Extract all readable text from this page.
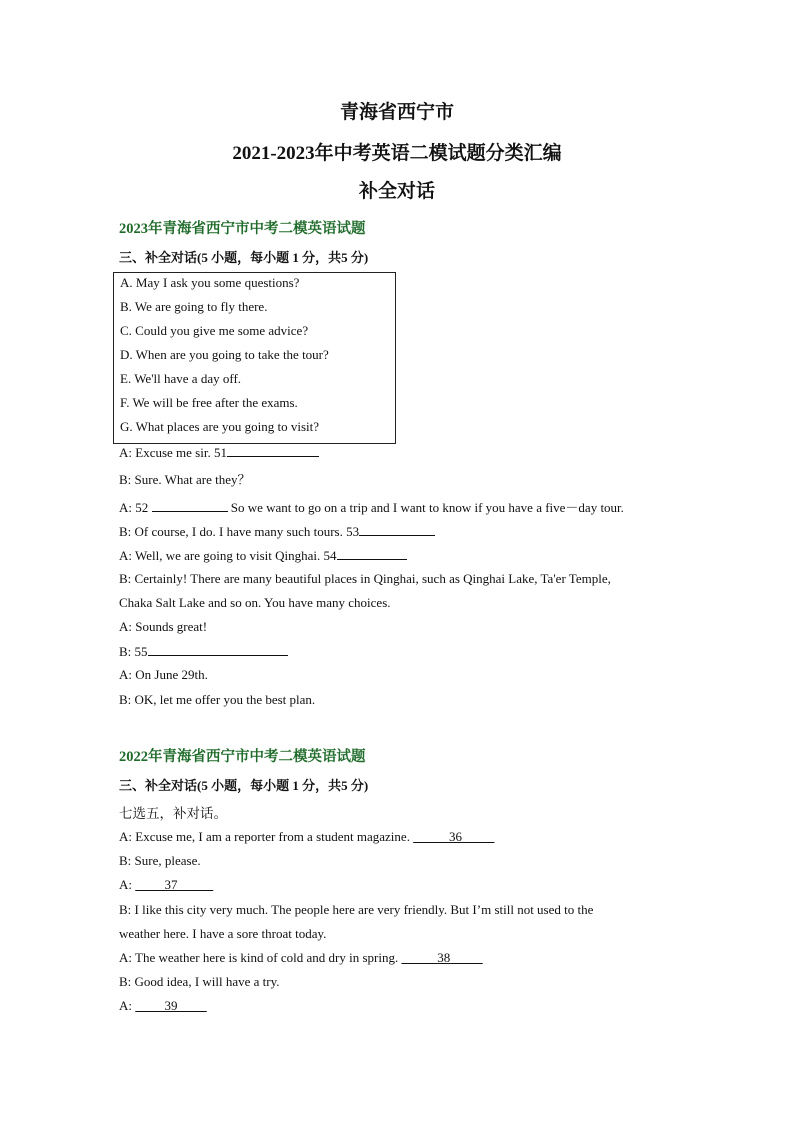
青海省西宁市
2021-2023年中考英语二模试题分类汇编
补全对话
2023年青海省西宁市中考二模英语试题
三、补全对话(5 小题，每小题 1 分，共5 分)
A. May I ask you some questions?
B. We are going to fly there.
C. Could you give me some advice?
D. When are you going to take the tour?
E. We'll have a day off.
F. We will be free after the exams.
G. What places are you going to visit?
A: Excuse me sir. 51
B: Sure. What are they？
A: 52	So we want to go on a trip and I want to know if you have a five－day tour.
B: Of course, I do. I have many such tours. 53
A: Well, we are going to visit Qinghai. 54
B: Certainly! There are many beautiful places in Qinghai, such as Qinghai Lake, Ta'er Temple,
Chaka Salt Lake and so on. You have many choices.
A: Sounds great!
B: 55
A: On June 29th.
B: OK, let me offer you the best plan.
2022年青海省西宁市中考二模英语试题
三、补全对话(5 小题，每小题 1 分，共5 分)
七选五，补对话。
A: Excuse me, I am a reporter from a student magazine.	36
B: Sure, please.
A:          37
B: I like this city very much. The people here are very friendly. But I’m still not used to the
weather here. I have a sore throat today.
A: The weather here is kind of cold and dry in spring.	38
B: Good idea, I will have a try.
A:          39
